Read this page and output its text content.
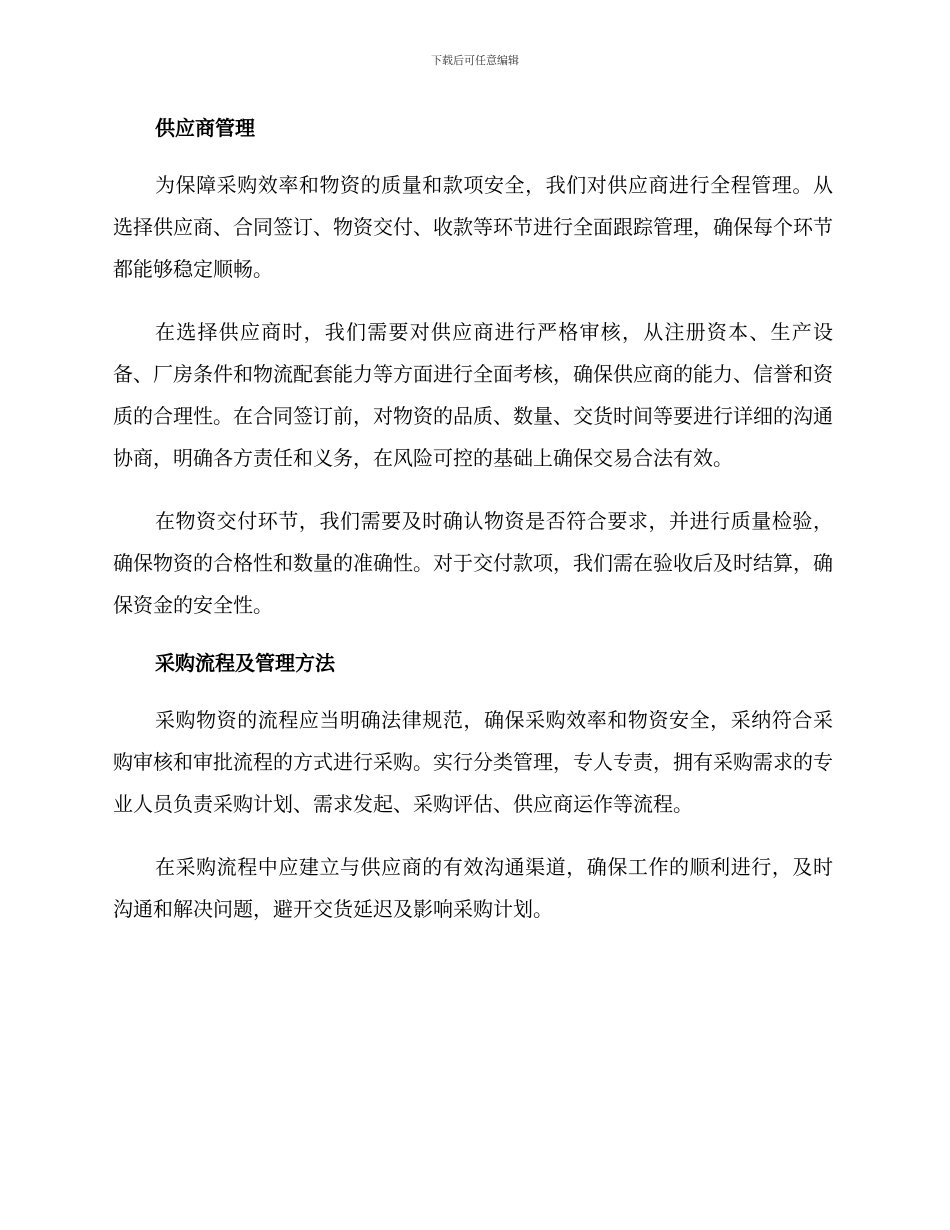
下载后可任意编辑
供应商管理

为保障采购效率和物资的质量和款项安全，我们对供应商进行全程管理。从选择供应商、合同签订、物资交付、收款等环节进行全面跟踪管理，确保每个环节都能够稳定顺畅。

在选择供应商时，我们需要对供应商进行严格审核，从注册资本、生产设备、厂房条件和物流配套能力等方面进行全面考核，确保供应商的能力、信誉和资质的合理性。在合同签订前，对物资的品质、数量、交货时间等要进行详细的沟通协商，明确各方责任和义务，在风险可控的基础上确保交易合法有效。

在物资交付环节，我们需要及时确认物资是否符合要求，并进行质量检验，确保物资的合格性和数量的准确性。对于交付款项，我们需在验收后及时结算，确保资金的安全性。

采购流程及管理方法

采购物资的流程应当明确法律规范，确保采购效率和物资安全，采纳符合采购审核和审批流程的方式进行采购。实行分类管理，专人专责，拥有采购需求的专业人员负责采购计划、需求发起、采购评估、供应商运作等流程。

在采购流程中应建立与供应商的有效沟通渠道，确保工作的顺利进行，及时沟通和解决问题，避开交货延迟及影响采购计划。
